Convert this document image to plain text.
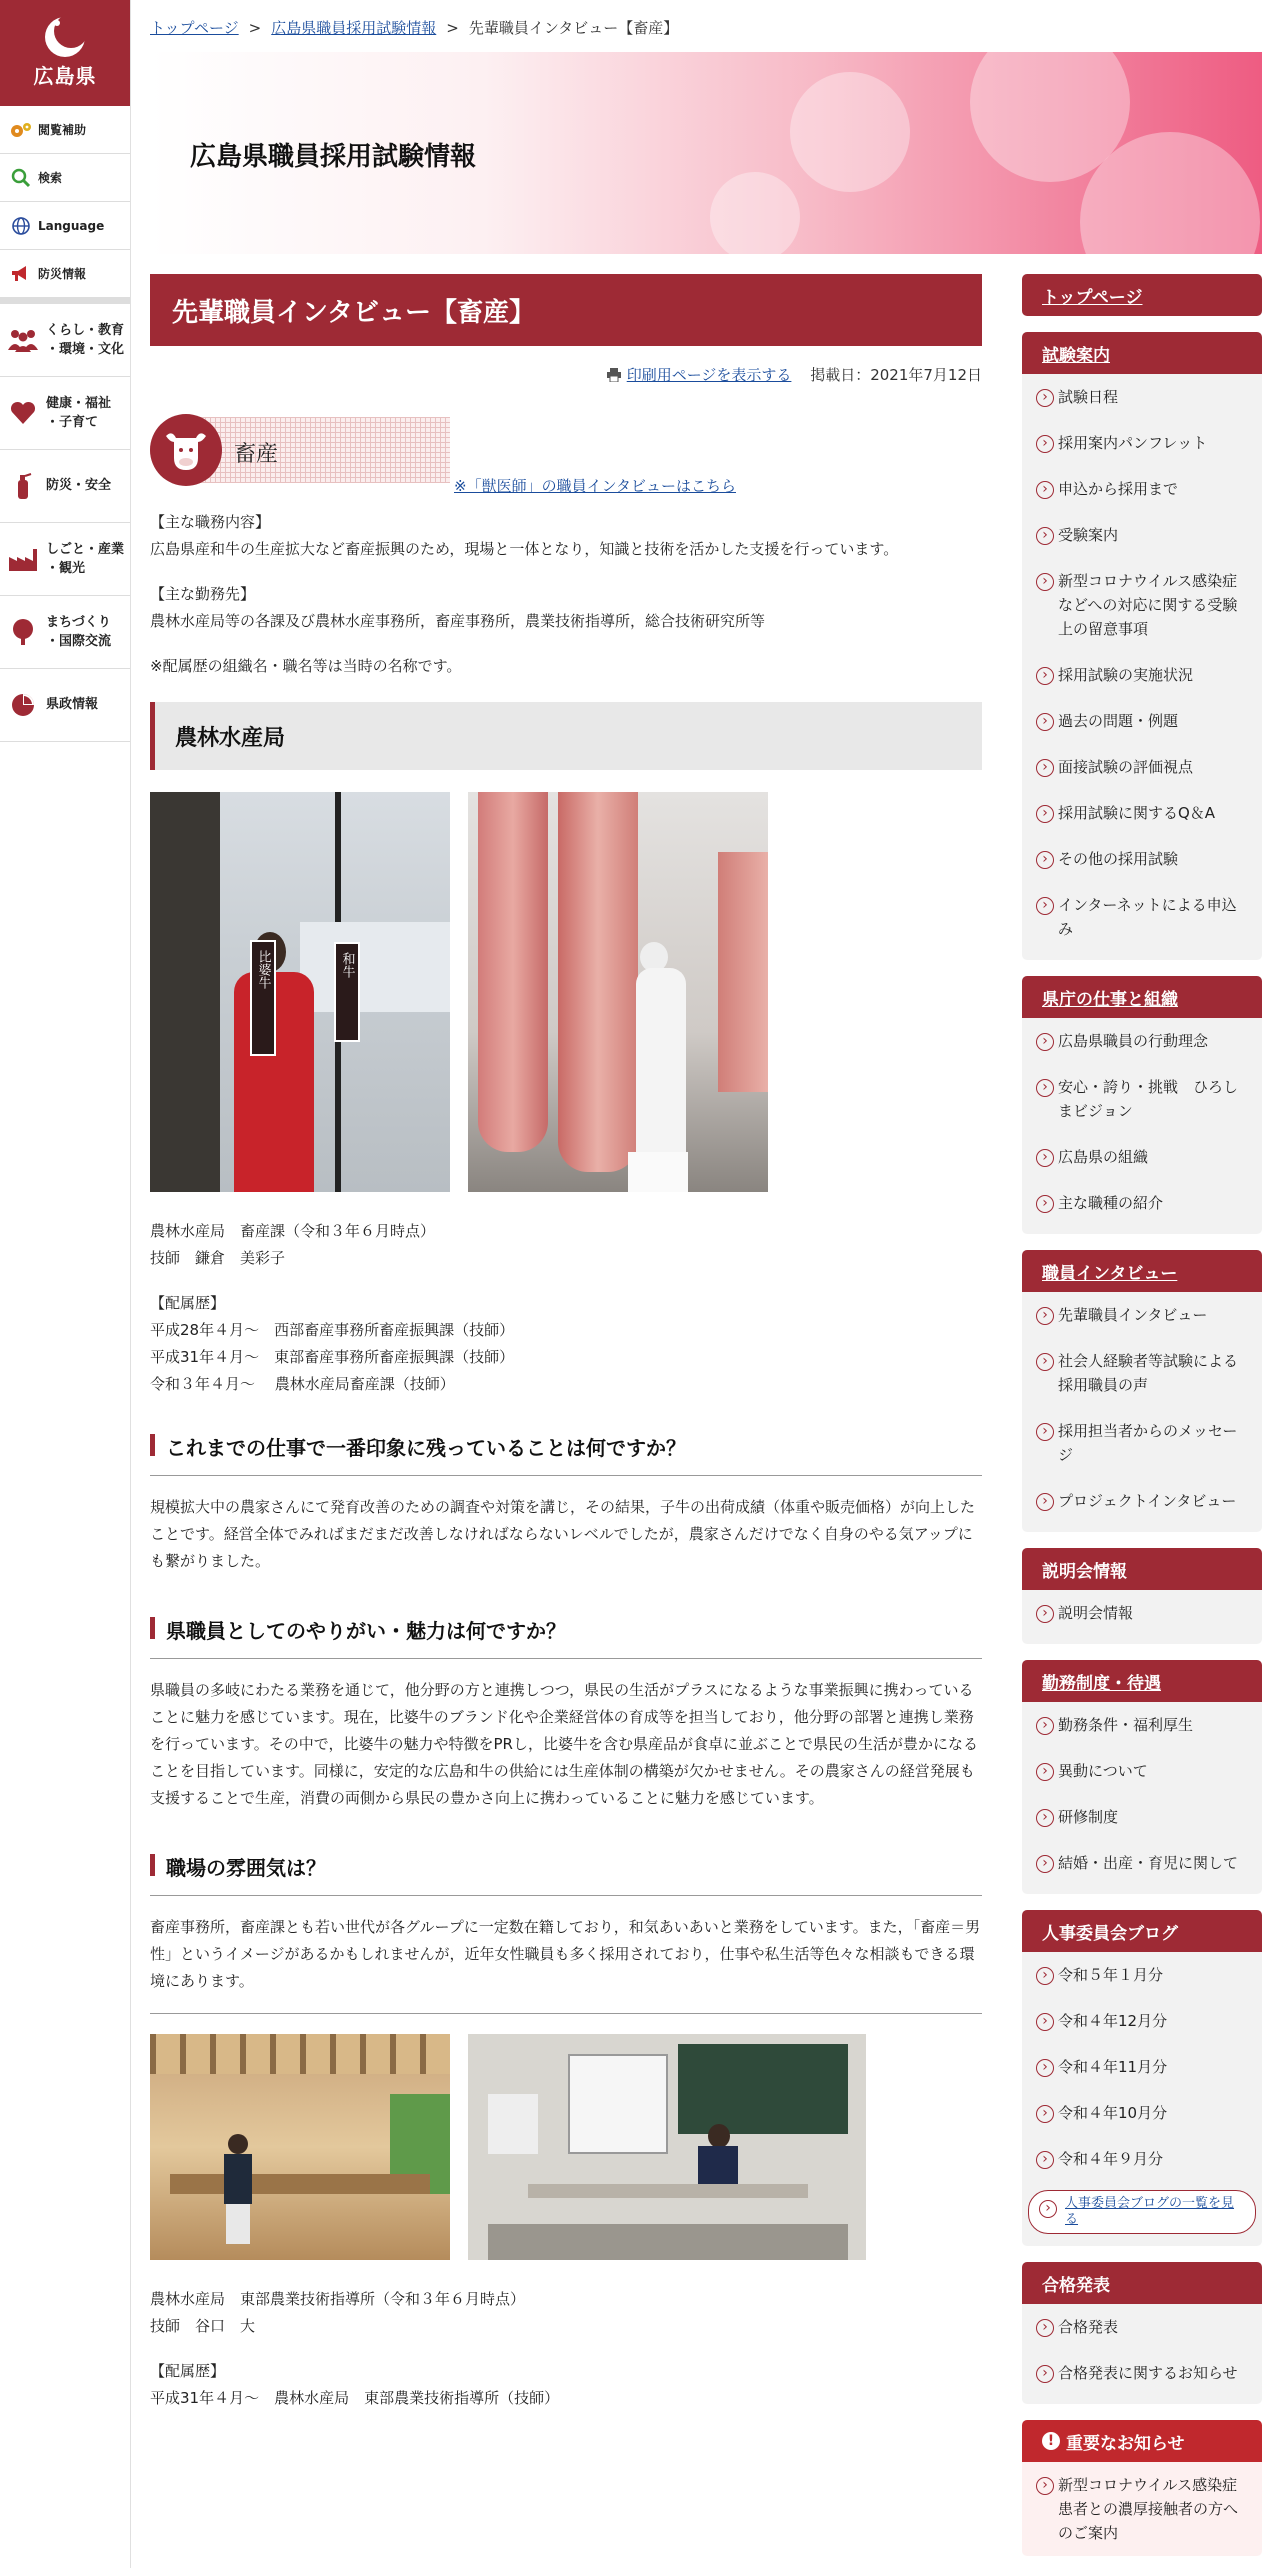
広島県
閲覧補助
検索
Language
防災情報
くらし・教育
・環境・文化
健康・福祉
・子育て
防災・安全
しごと・産業
・観光
まちづくり
・国際交流
県政情報
トップページ > 広島県職員採用試験情報 > 先輩職員インタビュー【畜産】
広島県職員採用試験情報
先輩職員インタビュー【畜産】
印刷用ページを表示する 掲載日：2021年7月12日
畜産
※「獣医師」の職員インタビューはこちら

【主な職務内容】

広島県産和牛の生産拡大など畜産振興のため，現場と一体となり，知識と技術を活かした支援を行っています。

【主な勤務先】

農林水産局等の各課及び農林水産事務所，畜産事務所，農業技術指導所，総合技術研究所等

※配属歴の組織名・職名等は当時の名称です。

農林水産局
比婆牛	和牛

農林水産局　畜産課（令和３年６月時点）

技師　鎌倉　美彩子

【配属歴】

平成28年４月～　西部畜産事務所畜産振興課（技師）

平成31年４月～　東部畜産事務所畜産振興課（技師）

令和３年４月～　 農林水産局畜産課（技師）

これまでの仕事で一番印象に残っていることは何ですか？

規模拡大中の農家さんにて発育改善のための調査や対策を講じ，その結果，子牛の出荷成績（体重や販売価格）が向上したことです。経営全体でみればまだまだ改善しなければならないレベルでしたが，農家さんだけでなく自身のやる気アップにも繋がりました。

県職員としてのやりがい・魅力は何ですか？

県職員の多岐にわたる業務を通じて，他分野の方と連携しつつ，県民の生活がプラスになるような事業振興に携わっていることに魅力を感じています。現在，比婆牛のブランド化や企業経営体の育成等を担当しており，他分野の部署と連携し業務を行っています。その中で，比婆牛の魅力や特徴をPRし，比婆牛を含む県産品が食卓に並ぶことで県民の生活が豊かになることを目指しています。同様に，安定的な広島和牛の供給には生産体制の構築が欠かせません。その農家さんの経営発展も支援することで生産，消費の両側から県民の豊かさ向上に携わっていることに魅力を感じています。

職場の雰囲気は？

畜産事務所，畜産課とも若い世代が各グループに一定数在籍しており，和気あいあいと業務をしています。また，「畜産＝男性」というイメージがあるかもしれませんが，近年女性職員も多く採用されており，仕事や私生活等色々な相談もできる環境にあります。

農林水産局　東部農業技術指導所（令和３年６月時点）

技師　谷口　大

【配属歴】

平成31年４月～　農林水産局　東部農業技術指導所（技師）

トップページ
試験案内
› 試験日程
› 採用案内パンフレット
› 申込から採用まで
› 受験案内
› 新型コロナウイルス感染症などへの対応に関する受験上の留意事項
› 採用試験の実施状況
› 過去の問題・例題
› 面接試験の評価視点
› 採用試験に関するQ＆A
› その他の採用試験
› インターネットによる申込み
県庁の仕事と組織
› 広島県職員の行動理念
› 安心・誇り・挑戦　ひろしまビジョン
› 広島県の組織
› 主な職種の紹介
職員インタビュー
› 先輩職員インタビュー
› 社会人経験者等試験による採用職員の声
› 採用担当者からのメッセージ
› プロジェクトインタビュー
説明会情報
› 説明会情報
勤務制度・待遇
› 勤務条件・福利厚生
› 異動について
› 研修制度
› 結婚・出産・育児に関して
人事委員会ブログ
› 令和５年１月分
› 令和４年12月分
› 令和４年11月分
› 令和４年10月分
› 令和４年９月分
› 人事委員会ブログの一覧を見る
合格発表
› 合格発表
› 合格発表に関するお知らせ
! 重要なお知らせ
› 新型コロナウイルス感染症患者との濃厚接触者の方へのご案内
